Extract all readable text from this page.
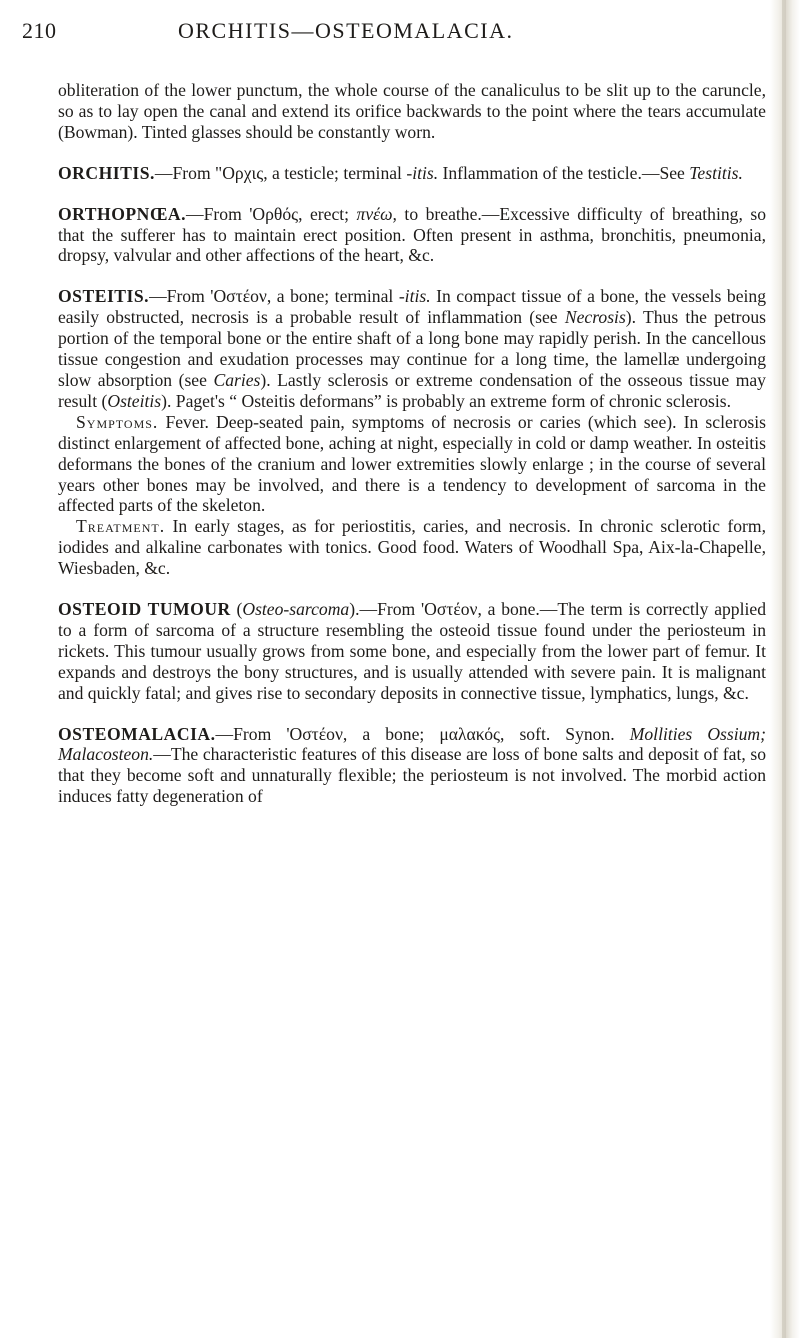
210	ORCHITIS—OSTEOMALACIA.

obliteration of the lower punctum, the whole course of the canaliculus to be slit up to the caruncle, so as to lay open the canal and extend its orifice backwards to the point where the tears accumulate (Bowman). Tinted glasses should be constantly worn.

ORCHITIS.—From "Ορχις, a testicle; terminal -itis. Inflammation of the testicle.—See Testitis.

ORTHOPNŒA.—From 'Ορθός, erect; πνέω, to breathe.—Excessive difficulty of breathing, so that the sufferer has to maintain erect position. Often present in asthma, bronchitis, pneumonia, dropsy, valvular and other affections of the heart, &c.

OSTEITIS.—From 'Οστέον, a bone; terminal -itis. In compact tissue of a bone, the vessels being easily obstructed, necrosis is a probable result of inflammation (see Necrosis). Thus the petrous portion of the temporal bone or the entire shaft of a long bone may rapidly perish. In the cancellous tissue congestion and exudation processes may continue for a long time, the lamellæ undergoing slow absorption (see Caries). Lastly sclerosis or extreme condensation of the osseous tissue may result (Osteitis). Paget's “ Osteitis deformans” is probably an extreme form of chronic sclerosis.

Symptoms. Fever. Deep-seated pain, symptoms of necrosis or caries (which see). In sclerosis distinct enlargement of affected bone, aching at night, especially in cold or damp weather. In osteitis deformans the bones of the cranium and lower extremities slowly enlarge ; in the course of several years other bones may be involved, and there is a tendency to development of sarcoma in the affected parts of the skeleton.

Treatment. In early stages, as for periostitis, caries, and necrosis. In chronic sclerotic form, iodides and alkaline carbonates with tonics. Good food. Waters of Woodhall Spa, Aix-la-Chapelle, Wiesbaden, &c.

OSTEOID TUMOUR (Osteo-sarcoma).—From 'Οστέον, a bone.—The term is correctly applied to a form of sarcoma of a structure resembling the osteoid tissue found under the periosteum in rickets. This tumour usually grows from some bone, and especially from the lower part of femur. It expands and destroys the bony structures, and is usually attended with severe pain. It is malignant and quickly fatal; and gives rise to secondary deposits in connective tissue, lymphatics, lungs, &c.

OSTEOMALACIA.—From 'Οστέον, a bone; μαλακός, soft. Synon. Mollities Ossium; Malacosteon.—The characteristic features of this disease are loss of bone salts and deposit of fat, so that they become soft and unnaturally flexible; the periosteum is not involved. The morbid action induces fatty degeneration of
